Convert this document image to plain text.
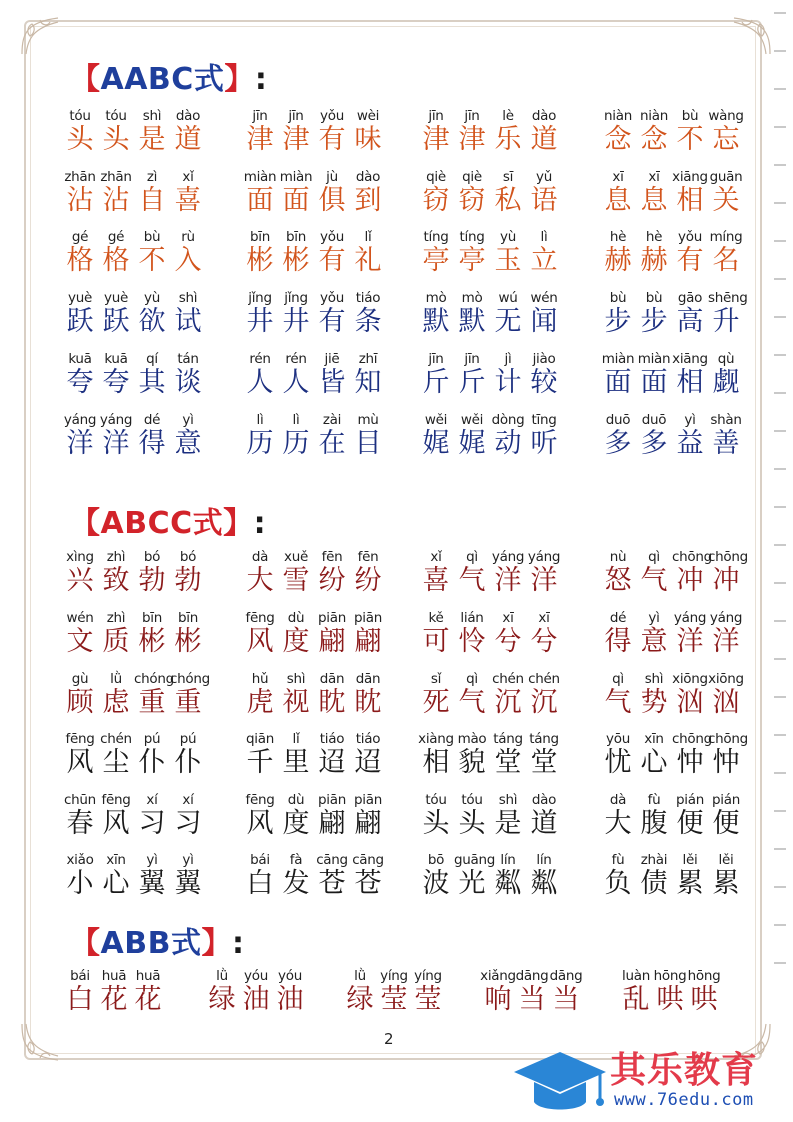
【AABC式】:
tóu
头
tóu
头
shì
是
dào
道
jīn
津
jīn
津
yǒu
有
wèi
味
jīn
津
jīn
津
lè
乐
dào
道
niàn
念
niàn
念
bù
不
wàng
忘
zhān
沾
zhān
沾
zì
自
xǐ
喜
miàn
面
miàn
面
jù
俱
dào
到
qiè
窃
qiè
窃
sī
私
yǔ
语
xī
息
xī
息
xiāng
相
guān
关
gé
格
gé
格
bù
不
rù
入
bīn
彬
bīn
彬
yǒu
有
lǐ
礼
tíng
亭
tíng
亭
yù
玉
lì
立
hè
赫
hè
赫
yǒu
有
míng
名
yuè
跃
yuè
跃
yù
欲
shì
试
jǐng
井
jǐng
井
yǒu
有
tiáo
条
mò
默
mò
默
wú
无
wén
闻
bù
步
bù
步
gāo
高
shēng
升
kuā
夸
kuā
夸
qí
其
tán
谈
rén
人
rén
人
jiē
皆
zhī
知
jīn
斤
jīn
斤
jì
计
jiào
较
miàn
面
miàn
面
xiāng
相
qù
觑
yáng
洋
yáng
洋
dé
得
yì
意
lì
历
lì
历
zài
在
mù
目
wěi
娓
wěi
娓
dòng
动
tīng
听
duō
多
duō
多
yì
益
shàn
善
【ABCC式】:
xìng
兴
zhì
致
bó
勃
bó
勃
dà
大
xuě
雪
fēn
纷
fēn
纷
xǐ
喜
qì
气
yáng
洋
yáng
洋
nù
怒
qì
气
chōng
冲
chōng
冲
wén
文
zhì
质
bīn
彬
bīn
彬
fēng
风
dù
度
piān
翩
piān
翩
kě
可
lián
怜
xī
兮
xī
兮
dé
得
yì
意
yáng
洋
yáng
洋
gù
顾
lǜ
虑
chóng
重
chóng
重
hǔ
虎
shì
视
dān
眈
dān
眈
sǐ
死
qì
气
chén
沉
chén
沉
qì
气
shì
势
xiōng
汹
xiōng
汹
fēng
风
chén
尘
pú
仆
pú
仆
qiān
千
lǐ
里
tiáo
迢
tiáo
迢
xiàng
相
mào
貌
táng
堂
táng
堂
yōu
忧
xīn
心
chōng
忡
chōng
忡
chūn
春
fēng
风
xí
习
xí
习
fēng
风
dù
度
piān
翩
piān
翩
tóu
头
tóu
头
shì
是
dào
道
dà
大
fù
腹
pián
便
pián
便
xiǎo
小
xīn
心
yì
翼
yì
翼
bái
白
fà
发
cāng
苍
cāng
苍
bō
波
guāng
光
lín
粼
lín
粼
fù
负
zhài
债
lěi
累
lěi
累
【ABB式】:
bái
白
huā
花
huā
花
lǜ
绿
yóu
油
yóu
油
lǜ
绿
yíng
莹
yíng
莹
xiǎng
响
dāng
当
dāng
当
luàn
乱
hōng
哄
hōng
哄
2
其乐教育
www.76edu.com
